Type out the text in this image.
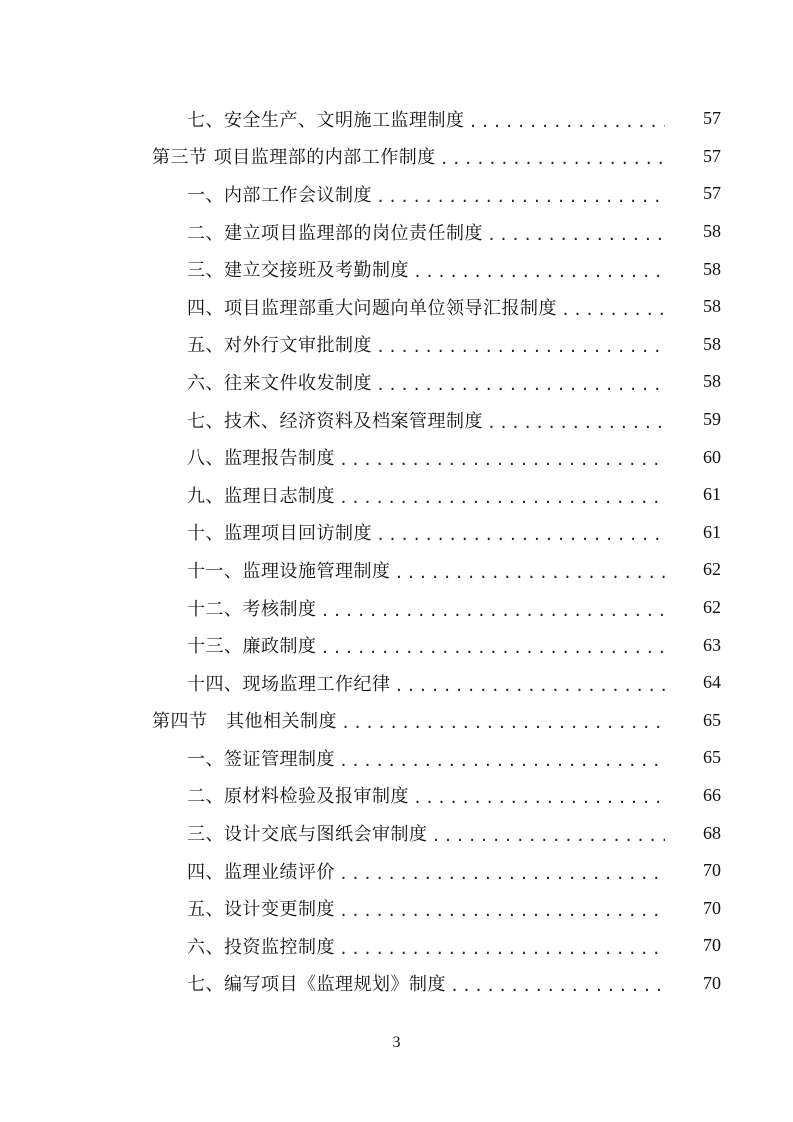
七、安全生产、文明施工监理制度 .....	57
第三节 项目监理部的内部工作制度 .....	57
一、内部工作会议制度 .....	57
二、建立项目监理部的岗位责任制度 .....	58
三、建立交接班及考勤制度 .....	58
四、项目监理部重大问题向单位领导汇报制度 .....	58
五、对外行文审批制度 .....	58
六、往来文件收发制度 .....	58
七、技术、经济资料及档案管理制度 .....	59
八、监理报告制度 .....	60
九、监理日志制度 .....	61
十、监理项目回访制度 .....	61
十一、监理设施管理制度 .....	62
十二、考核制度 .....	62
十三、廉政制度 .....	63
十四、现场监理工作纪律 .....	64
第四节　其他相关制度 .....	65
一、签证管理制度 .....	65
二、原材料检验及报审制度 .....	66
三、设计交底与图纸会审制度 .....	68
四、监理业绩评价 .....	70
五、设计变更制度 .....	70
六、投资监控制度 .....	70
七、编写项目《监理规划》制度 .....	70
3
